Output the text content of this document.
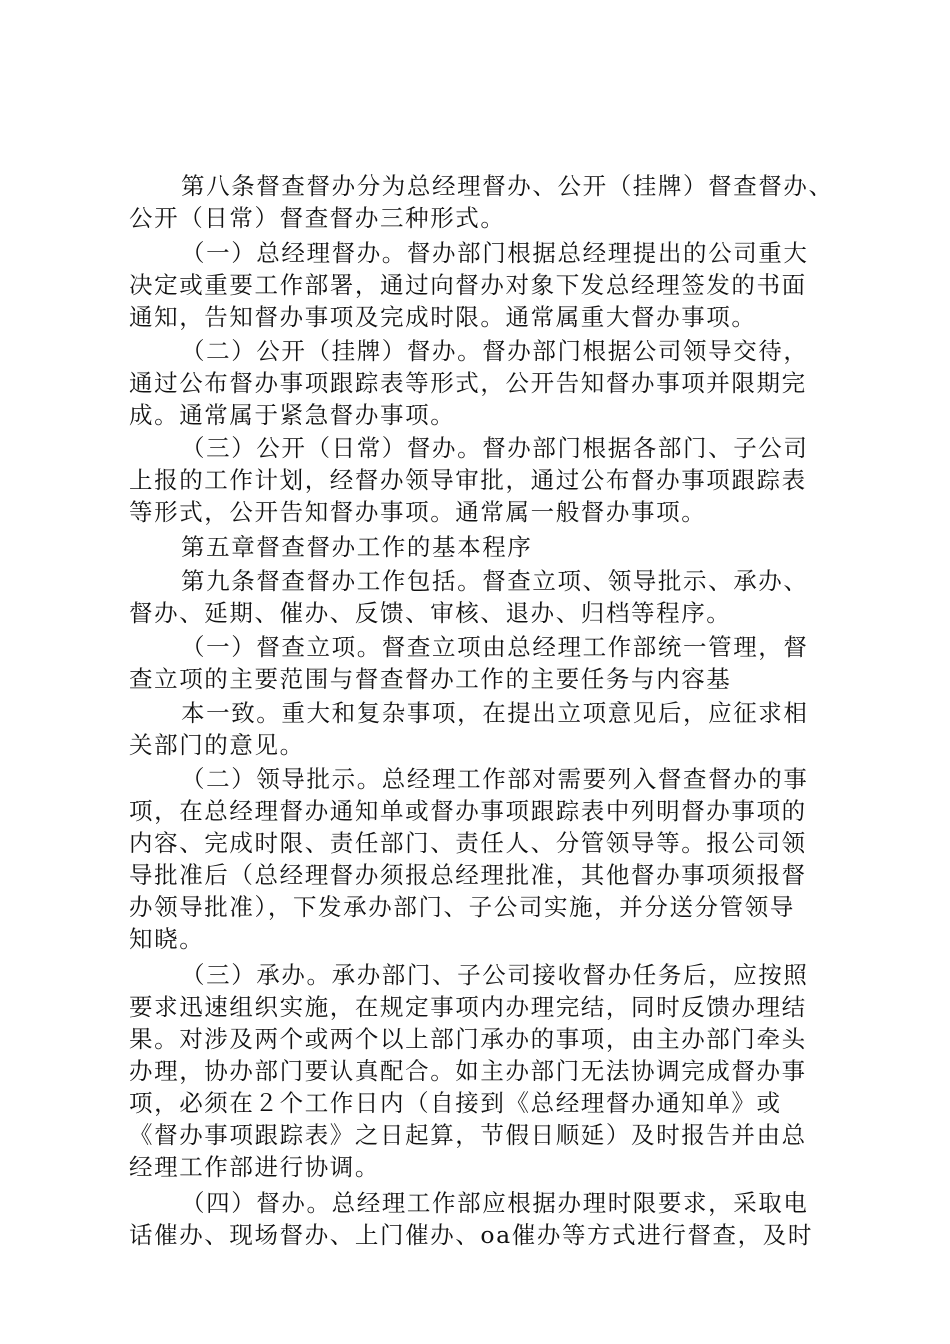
第八条督查督办分为总经理督办、公开（挂牌）督查督办、
公开（日常）督查督办三种形式。
（一）总经理督办。督办部门根据总经理提出的公司重大
决定或重要工作部署，通过向督办对象下发总经理签发的书面
通知，告知督办事项及完成时限。通常属重大督办事项。
（二）公开（挂牌）督办。督办部门根据公司领导交待，
通过公布督办事项跟踪表等形式，公开告知督办事项并限期完
成。通常属于紧急督办事项。
（三）公开（日常）督办。督办部门根据各部门、子公司
上报的工作计划，经督办领导审批，通过公布督办事项跟踪表
等形式，公开告知督办事项。通常属一般督办事项。
第五章督查督办工作的基本程序
第九条督查督办工作包括。督查立项、领导批示、承办、
督办、延期、催办、反馈、审核、退办、归档等程序。
（一）督查立项。督查立项由总经理工作部统一管理，督
查立项的主要范围与督查督办工作的主要任务与内容基
本一致。重大和复杂事项，在提出立项意见后，应征求相
关部门的意见。
（二）领导批示。总经理工作部对需要列入督查督办的事
项，在总经理督办通知单或督办事项跟踪表中列明督办事项的
内容、完成时限、责任部门、责任人、分管领导等。报公司领
导批准后（总经理督办须报总经理批准，其他督办事项须报督
办领导批准），下发承办部门、子公司实施，并分送分管领导
知晓。
（三）承办。承办部门、子公司接收督办任务后，应按照
要求迅速组织实施，在规定事项内办理完结，同时反馈办理结
果。对涉及两个或两个以上部门承办的事项，由主办部门牵头
办理，协办部门要认真配合。如主办部门无法协调完成督办事
项，必须在２个工作日内（自接到《总经理督办通知单》或
《督办事项跟踪表》之日起算，节假日顺延）及时报告并由总
经理工作部进行协调。
（四）督办。总经理工作部应根据办理时限要求，采取电
话催办、现场督办、上门催办、oa催办等方式进行督查，及时
